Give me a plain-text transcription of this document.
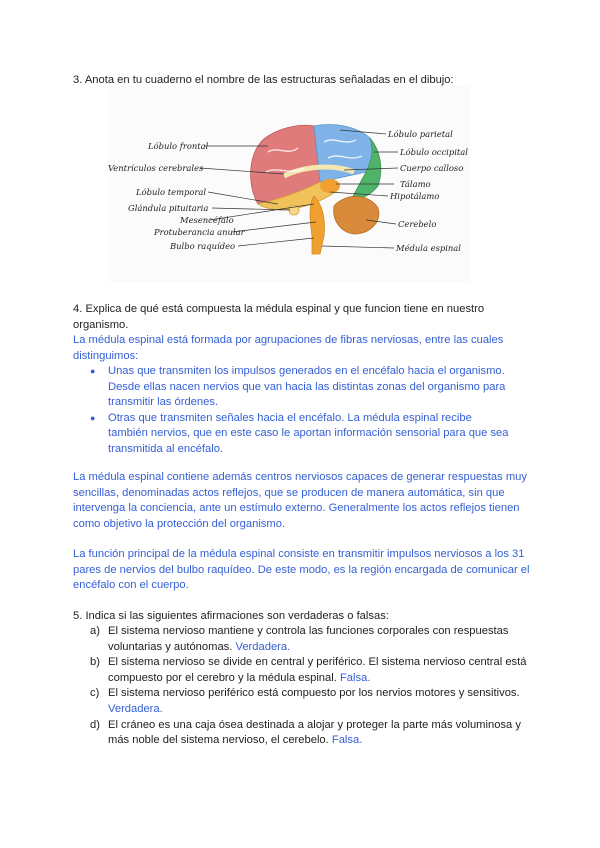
3. Anota en tu cuaderno el nombre de las estructuras señaladas en el dibujo:
Lóbulo frontal
Ventrículos cerebrales
Lóbulo temporal
Glándula pituitaria
Mesencéfalo
Protuberancia anular
Bulbo raquídeo
Lóbulo parietal
Lóbulo occipital
Cuerpo calloso
Tálamo
Hipotálamo
Cerebelo
Médula espinal
4. Explica de qué está compuesta la médula espinal y que funcion tiene en nuestro organismo.
La médula espinal está formada por agrupaciones de fibras nerviosas, entre las cuales distinguimos:
● Unas que transmiten los impulsos generados en el encéfalo hacia el organismo. Desde ellas nacen nervios que van hacia las distintas zonas del organismo para transmitir las órdenes.
● Otras que transmiten señales hacia el encéfalo. La médula espinal recibe también nervios, que en este caso le aportan información sensorial para que sea transmitida al encéfalo.
La médula espinal contiene además centros nerviosos capaces de generar respuestas muy sencillas, denominadas actos reflejos, que se producen de manera automática, sin que intervenga la conciencia, ante un estímulo externo. Generalmente los actos reflejos tienen como objetivo la protección del organismo.
La función principal de la médula espinal consiste en transmitir impulsos nerviosos a los 31 pares de nervios del bulbo raquídeo. De este modo, es la región encargada de comunicar el encéfalo con el cuerpo.
5. Indica si las siguientes afirmaciones son verdaderas o falsas:
a) El sistema nervioso mantiene y controla las funciones corporales con respuestas voluntarias y autónomas. Verdadera.
b) El sistema nervioso se divide en central y periférico. El sistema nervioso central está compuesto por el cerebro y la médula espinal. Falsa.
c) El sistema nervioso periférico está compuesto por los nervios motores y sensitivos. Verdadera.
d) El cráneo es una caja ósea destinada a alojar y proteger la parte más voluminosa y más noble del sistema nervioso, el cerebelo. Falsa.
